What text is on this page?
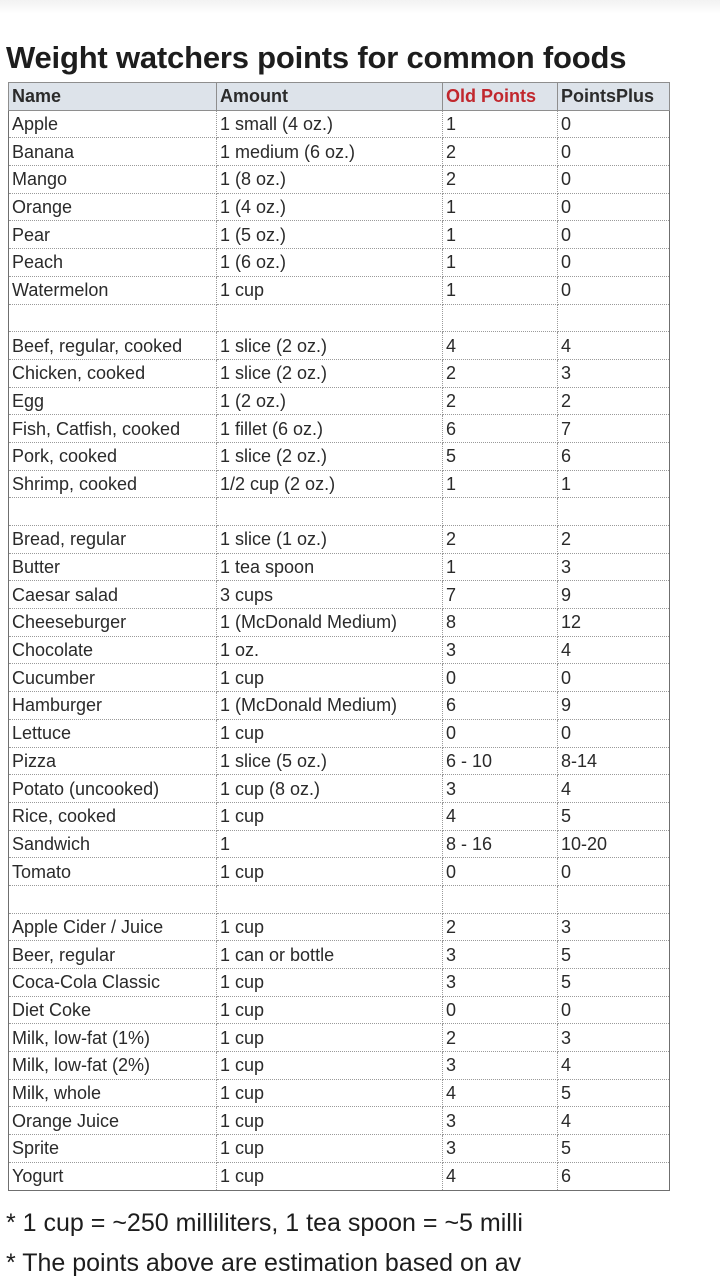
Weight watchers points for common foods
Name	Amount	Old Points	PointsPlus
Apple	1 small (4 oz.)	1	0
Banana	1 medium (6 oz.)	2	0
Mango	1 (8 oz.)	2	0
Orange	1 (4 oz.)	1	0
Pear	1 (5 oz.)	1	0
Peach	1 (6 oz.)	1	0
Watermelon	1 cup	1	0

Beef, regular, cooked	1 slice (2 oz.)	4	4
Chicken, cooked	1 slice (2 oz.)	2	3
Egg	1 (2 oz.)	2	2
Fish, Catfish, cooked	1 fillet (6 oz.)	6	7
Pork, cooked	1 slice (2 oz.)	5	6
Shrimp, cooked	1/2 cup (2 oz.)	1	1

Bread, regular	1 slice (1 oz.)	2	2
Butter	1 tea spoon	1	3
Caesar salad	3 cups	7	9
Cheeseburger	1 (McDonald Medium)	8	12
Chocolate	1 oz.	3	4
Cucumber	1 cup	0	0
Hamburger	1 (McDonald Medium)	6	9
Lettuce	1 cup	0	0
Pizza	1 slice (5 oz.)	6 - 10	8-14
Potato (uncooked)	1 cup (8 oz.)	3	4
Rice, cooked	1 cup	4	5
Sandwich	1	8 - 16	10-20
Tomato	1 cup	0	0

Apple Cider / Juice	1 cup	2	3
Beer, regular	1 can or bottle	3	5
Coca-Cola Classic	1 cup	3	5
Diet Coke	1 cup	0	0
Milk, low-fat (1%)	1 cup	2	3
Milk, low-fat (2%)	1 cup	3	4
Milk, whole	1 cup	4	5
Orange Juice	1 cup	3	4
Sprite	1 cup	3	5
Yogurt	1 cup	4	6

* 1 cup = ~250 milliliters, 1 tea spoon = ~5 milli

* The points above are estimation based on av
